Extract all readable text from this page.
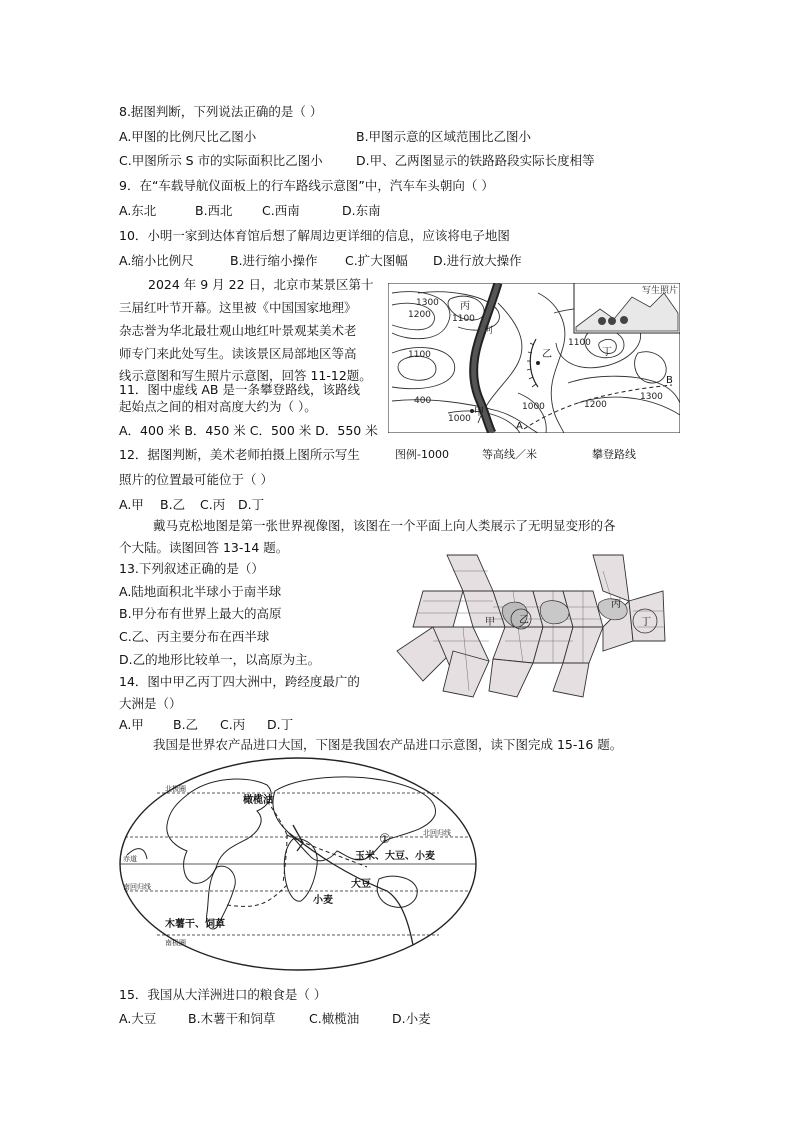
8.据图判断，下列说法正确的是（ ）
A.甲图的比例尺比乙图小	B.甲图示意的区域范围比乙图小
C.甲图所示 S 市的实际面积比乙图小	D.甲、乙两图显示的铁路路段实际长度相等
9．在“车载导航仪面板上的行车路线示意图”中，汽车车头朝向（ ）
A.东北	B.西北 C.西南	D.东南
10．小明一家到达体育馆后想了解周边更详细的信息，应该将电子地图
A.缩小比例尺	B.进行缩小操作 C.扩大图幅 D.进行放大操作
2024 年 9 月 22 日，北京市某景区第十
三届红叶节开幕。这里被《中国国家地理》
杂志誉为华北最壮观山地红叶景观某美术老
师专门来此处写生。读该景区局部地区等高
线示意图和写生照片示意图，回答 11-12题。
11．图中虚线 AB 是一条攀登路线，该路线
起始点之间的相对高度大约为（ ）。
A．400 米 B．450 米 C．500 米 D．550 米
写生照片
1300
1200 1100
1100
1100
1000
1000	1200
1300
400
丙
乙	丁
甲
A
B
河
12．据图判断，美术老师拍摄上图所示写生	图例-1000	等高线／米	攀登路线
照片的位置最可能位于（ ）
A.甲 B.乙 C.丙 D.丁
戴马克松地图是第一张世界视像图，该图在一个平面上向人类展示了无明显变形的各
个大陆。读图回答 13-14 题。
13.下列叙述正确的是（）
A.陆地面积北半球小于南半球
B.甲分布有世界上最大的高原
C.乙、丙主要分布在西半球
D.乙的地形比较单一，以高原为主。
甲 乙
丙
丁
14．图中甲乙丙丁四大洲中，跨经度最广的
大洲是（）
A.甲 B.乙 C.丙 D.丁
我国是世界农产品进口大国，下图是我国农产品进口示意图，读下图完成 15-16 题。
橄榄油
玉米、大豆、小麦
大豆
小麦
木薯干、饲草
①
北极圈
北回归线
赤道
南回归线
南极圈
15．我国从大洋洲进口的粮食是（ ）
A.大豆	B.木薯干和饲草	C.橄榄油	D.小麦
